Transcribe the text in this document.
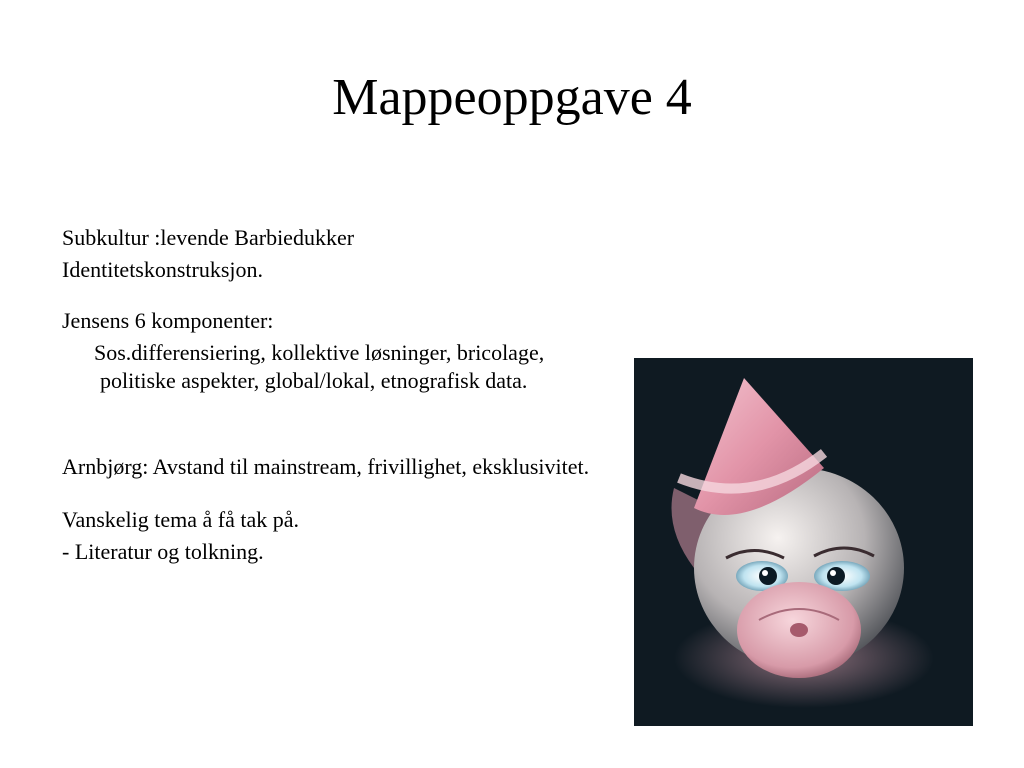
Mappeoppgave 4

Subkultur :levende Barbiedukker

Identitetskonstruksjon.

Jensens 6 komponenter:

Sos.differensiering, kollektive løsninger, bricolage, politiske aspekter, global/lokal, etnografisk data.

Arnbjørg: Avstand til mainstream, frivillighet, eksklusivitet.

Vanskelig tema å få tak på.

- Literatur og tolkning.
